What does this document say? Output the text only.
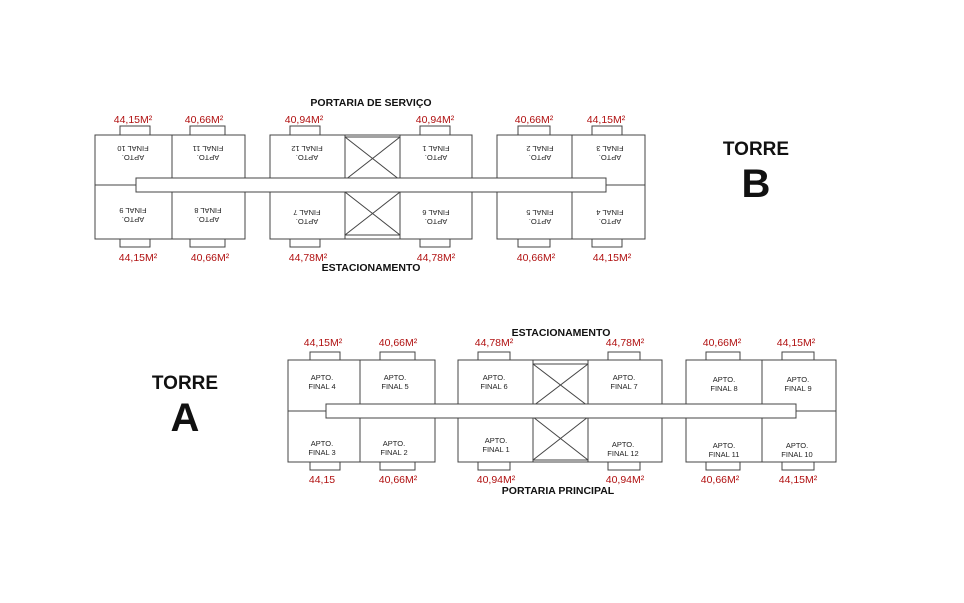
PORTARIA DE SERVIÇO
ESTACIONAMENTO
TORRE
B
44,15M²	40,66M²	40,94M²	40,94M²	40,66M²	44,15M²
APTO.
FINAL 10
APTO.
FINAL 11
APTO.
FINAL 12
APTO.
FINAL 1
APTO.
FINAL 2
APTO.
FINAL 3
APTO.
FINAL 9
APTO.
FINAL 8
APTO.
FINAL 7
APTO.
FINAL 6
APTO.
FINAL 5
APTO.
FINAL 4
44,15M²	40,66M²	44,78M²	44,78M²	40,66M²	44,15M²
ESTACIONAMENTO
PORTARIA PRINCIPAL
TORRE
A
44,15M²	40,66M²	44,78M²	44,78M²	40,66M²	44,15M²
APTO.
FINAL 4
APTO.
FINAL 5
APTO.
FINAL 6
APTO.
FINAL 7
APTO.
FINAL 8
APTO.
FINAL 9
APTO.
FINAL 3
APTO.
FINAL 2
APTO.
FINAL 1
APTO.
FINAL 12
APTO.
FINAL 11
APTO.
FINAL 10
44,15	40,66M²	40,94M²	40,94M²	40,66M²	44,15M²
